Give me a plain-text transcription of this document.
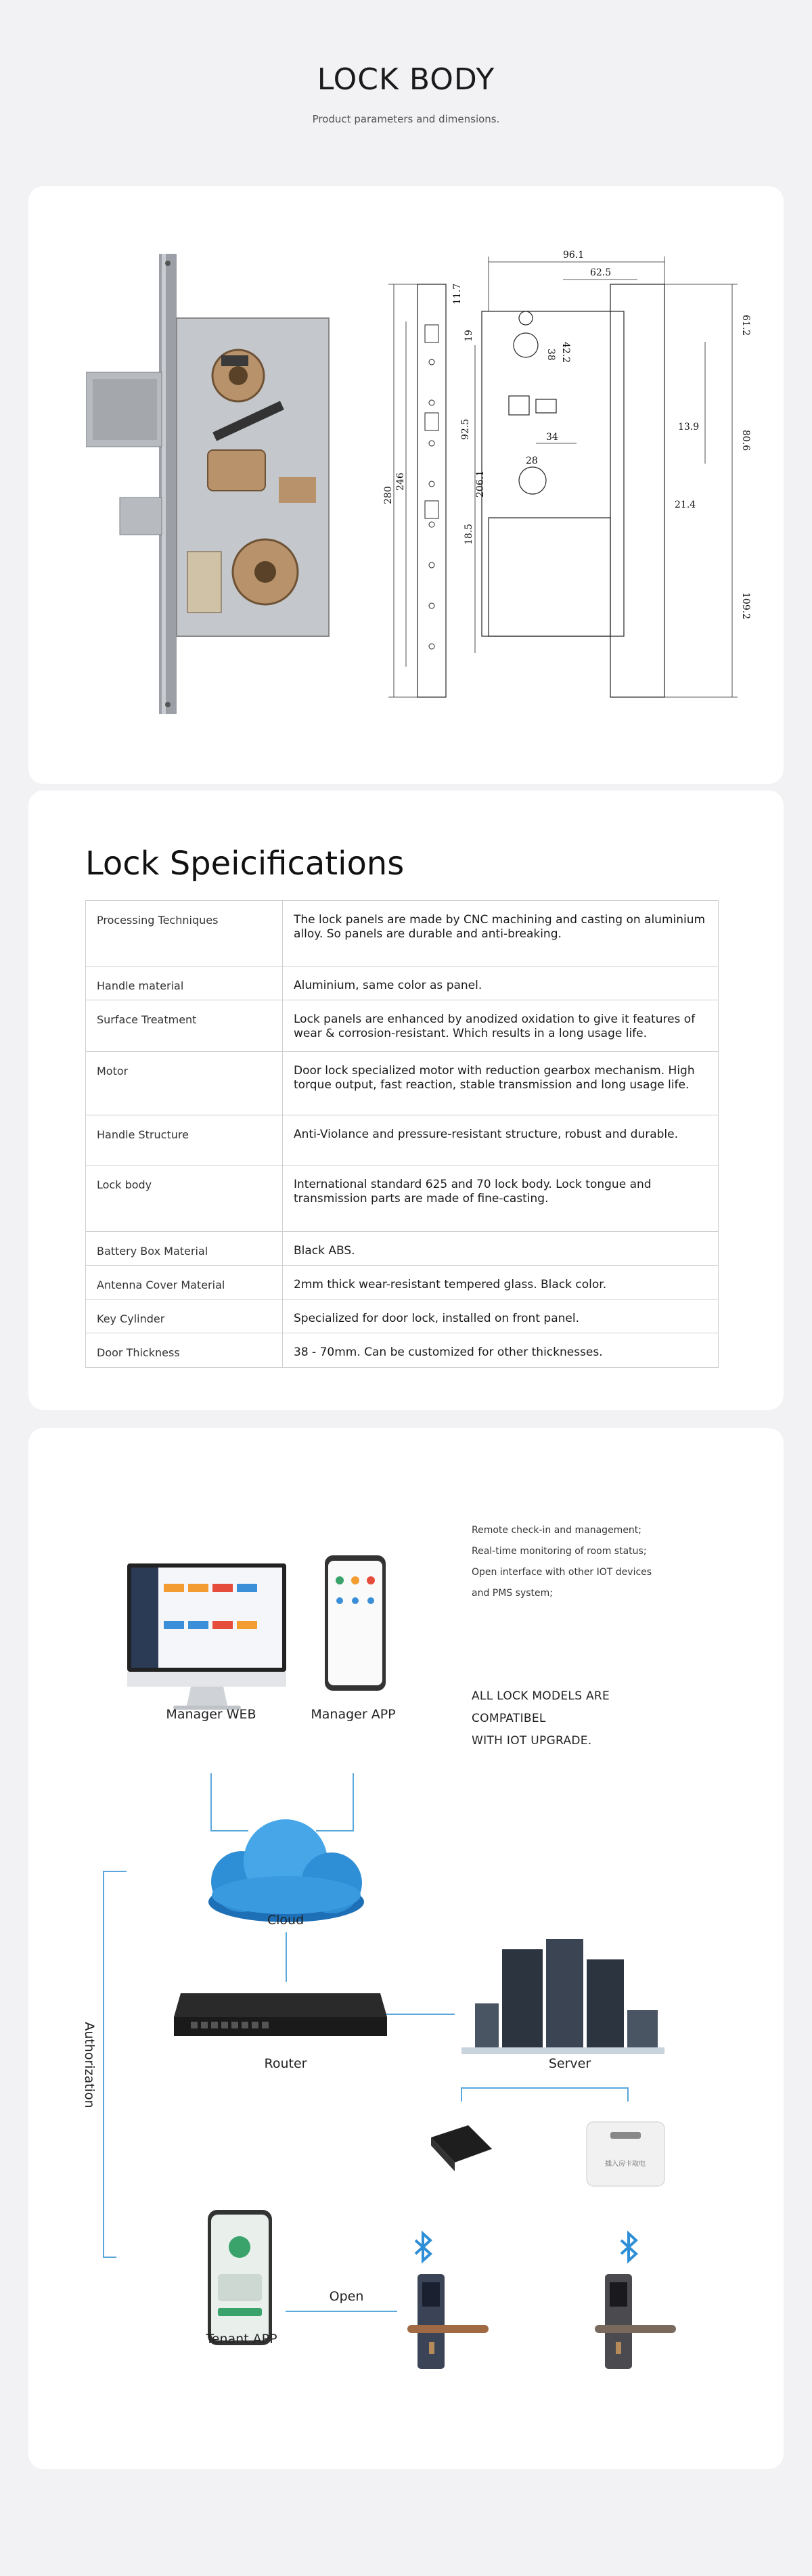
LOCK BODY

Product parameters and dimensions.

96.1
62.5
11.7
19
42.2
38
34
92.5
206.1
246
280
28
18.5
61.2
13.9
80.6
21.4
109.2
Lock Speicifications
Processing Techniques	The lock panels are made by CNC machining and casting on aluminium alloy. So panels are durable and anti-breaking.
Handle material	Aluminium, same color as panel.
Surface Treatment	Lock panels are enhanced by anodized oxidation to give it features of wear & corrosion-resistant. Which results in a long usage life.
Motor	Door lock specialized motor with reduction gearbox mechanism. High torque output, fast reaction, stable transmission and long usage life.
Handle Structure	Anti-Violance and pressure-resistant structure, robust and durable.
Lock body	International standard 625 and 70 lock body. Lock tongue and transmission parts are made of fine-casting.
Battery Box Material	Black ABS.
Antenna Cover Material	2mm thick wear-resistant tempered glass. Black color.
Key Cylinder	Specialized for door lock, installed on front panel.
Door Thickness	38 - 70mm. Can be customized for other thicknesses.
Remote check-in and management;
Real-time monitoring of room status;
Open interface with other IOT devices
and PMS system;
ALL LOCK MODELS ARE
COMPATIBEL
WITH IOT UPGRADE.
插入房卡取电
Manager WEB	Manager APP
Cloud
Router	Server
Authorization
Tenant APP
Open
